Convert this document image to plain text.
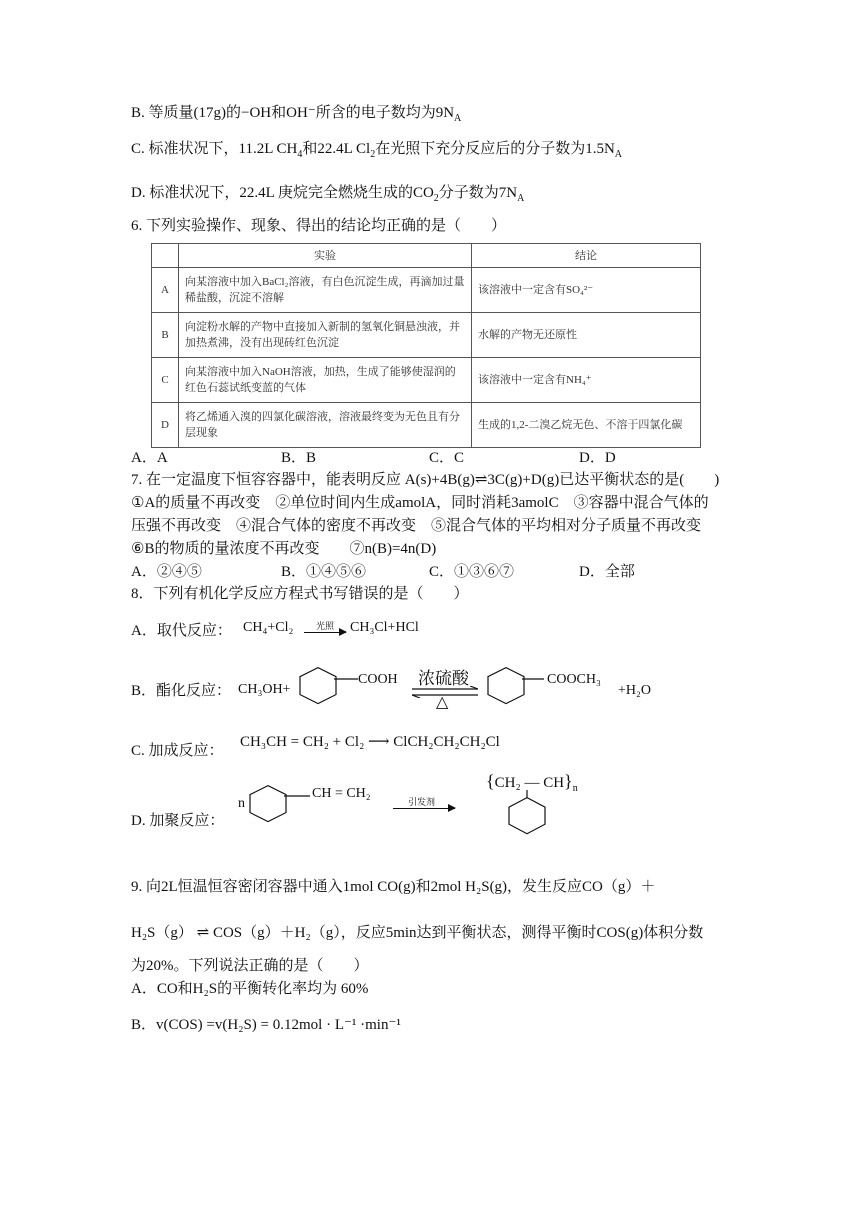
B. 等质量(17g)的−OH和OH⁻所含的电子数均为$9N_A$
C. 标准状况下，11.2L $CH_4$和22.4L $Cl_2$在光照下充分反应后的分子数为$1.5N_A$
D. 标准状况下，22.4L 庚烷完全燃烧生成的$CO_2$分子数为$7N_A$
6. 下列实验操作、现象、得出的结论均正确的是（　　）
	实验	结论
A	向某溶液中加入BaCl₂溶液，有白色沉淀生成，再滴加过量稀盐酸，沉淀不溶解	该溶液中一定含有SO₄²⁻
B	向淀粉水解的产物中直接加入新制的氢氧化铜悬浊液，并加热煮沸，没有出现砖红色沉淀	水解的产物无还原性
C	向某溶液中加入NaOH溶液，加热，生成了能够使湿润的红色石蕊试纸变蓝的气体	该溶液中一定含有NH₄⁺
D	将乙烯通入溴的四氯化碳溶液，溶液最终变为无色且有分层现象	生成的1,2-二溴乙烷无色、不溶于四氯化碳
A．A	B．B	C．C	D．D
7. 在一定温度下恒容容器中，能表明反应 A(s)+4B(g)⇌3C(g)+D(g)已达平衡状态的是(　　)
①A的质量不再改变　②单位时间内生成amolA，同时消耗3amolC　③容器中混合气体的
压强不再改变　④混合气体的密度不再改变　⑤混合气体的平均相对分子质量不再改变
⑥B的物质的量浓度不再改变　　⑦n(B)=4n(D)
A．②④⑤	B．①④⑤⑥	C．①③⑥⑦	D．全部
8．下列有机化学反应方程式书写错误的是（　　）
A．取代反应： CH₄+Cl₂	光照 CH₃Cl+HCl
B．酯化反应： CH₃OH+
COOH 浓硫酸
△
COOCH₃
+H₂O
C. 加成反应：
CH₃CH = CH₂ + Cl₂ ⟶ ClCH₂CH₂CH₂Cl
D. 加聚反应：
n
CH = CH₂
引发剂
{CH₂ — $CH\}_n$
9. 向2L恒温恒容密闭容器中通入1mol CO(g)和2mol H₂S(g)，发生反应CO（g）＋
H₂S（g） ⇌ COS（g）＋H₂（g），反应5min达到平衡状态，测得平衡时COS(g)体积分数
为20%。下列说法正确的是（　　）
A．CO和H₂S的平衡转化率均为 60%
B．v(COS) =v(H₂S) = 0.12mol · L⁻¹ ·min⁻¹
